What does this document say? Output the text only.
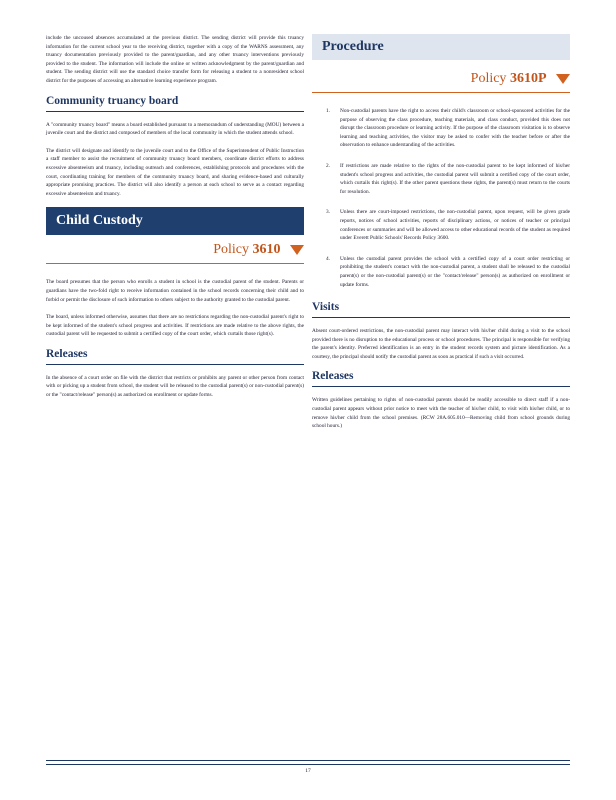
include the uncoused absences accumulated at the previous district. The sending district will provide this truancy information for the current school year to the receiving district, together with a copy of the WARNS assessment, any truancy documentation previously provided to the parent/guardian, and any other truancy interventions previously provided to the student. The information will include the online or written acknowledgment by the parent/guardian and student. The sending district will use the standard choice transfer form for releasing a student to a nonresident school district for the purposes of accessing an alternative learning experience program.

Community truancy board

A "community truancy board" means a board established pursuant to a memorandum of understanding (MOU) between a juvenile court and the district and composed of members of the local community in which the student attends school.

The district will designate and identify to the juvenile court and to the Office of the Superintendent of Public Instruction a staff member to assist the recruitment of community truancy board members, coordinate district efforts to address excessive absenteeism and truancy, including outreach and conferences, establishing protocols and procedures with the court, coordinating training for members of the community truancy board, and sharing evidence-based and culturally appropriate promising practices. The district will also identify a person at each school to serve as a contact regarding excessive absenteeism and truancy.

Child Custody
Policy 3610

The board presumes that the person who enrolls a student in school is the custodial parent of the student. Parents or guardians have the two-fold right to receive information contained in the school records concerning their child and to forbid or permit the disclosure of such information to others subject to the authority granted to the custodial parent.

The board, unless informed otherwise, assumes that there are no restrictions regarding the non-custodial parent's right to be kept informed of the student's school progress and activities. If restrictions are made relative to the above rights, the custodial parent will be requested to submit a certified copy of the court order, which curtails those right(s).

Releases

In the absence of a court order on file with the district that restricts or prohibits any parent or other person from contact with or picking up a student from school, the student will be released to the custodial parent(s) or non-custodial parent(s) or the "contact/release" person(s) as authorized on enrollment or update forms.

Procedure
Policy 3610P
1. Non-custodial parents have the right to access their child's classroom or school-sponsored activities for the purpose of observing the class procedure, teaching materials, and class conduct, provided this does not disrupt the classroom procedure or learning activity. If the purpose of the classroom visitation is to observe learning and teaching activities, the visitor may be asked to confer with the teacher before or after the observation to enhance understanding of the activities.
2. If restrictions are made relative to the rights of the non-custodial parent to be kept informed of his/her student's school progress and activities, the custodial parent will submit a certified copy of the court order, which curtails this right(s). If the other parent questions these rights, the parent(s) must return to the courts for resolution.
3. Unless there are court-imposed restrictions, the non-custodial parent, upon request, will be given grade reports, notices of school activities, reports of disciplinary actions, or notices of teacher or principal conferences or summaries and will be allowed access to other educational records of the student as required under Everett Public Schools' Records Policy 3600.
4. Unless the custodial parent provides the school with a certified copy of a court order restricting or prohibiting the student's contact with the non-custodial parent, a student shall be released to the custodial parent(s) or the non-custodial parent(s) or the "contact/release" person(s) as authorized on enrollment or update forms.
Visits

Absent court-ordered restrictions, the non-custodial parent may interact with his/her child during a visit to the school provided there is no disruption to the educational process or school procedures. The principal is responsible for verifying the parent's identity. Preferred identification is an entry in the student records system and picture identification. As a courtesy, the principal should notify the custodial parent as soon as practical if such a visit occurred.

Releases

Written guidelines pertaining to rights of non-custodial parents should be readily accessible to direct staff if a non-custodial parent appears without prior notice to meet with the teacher of his/her child, to visit with his/her child, or to remove his/her child from the school premises. (RCW 28A.605.010—Removing child from school grounds during school hours.)

17
